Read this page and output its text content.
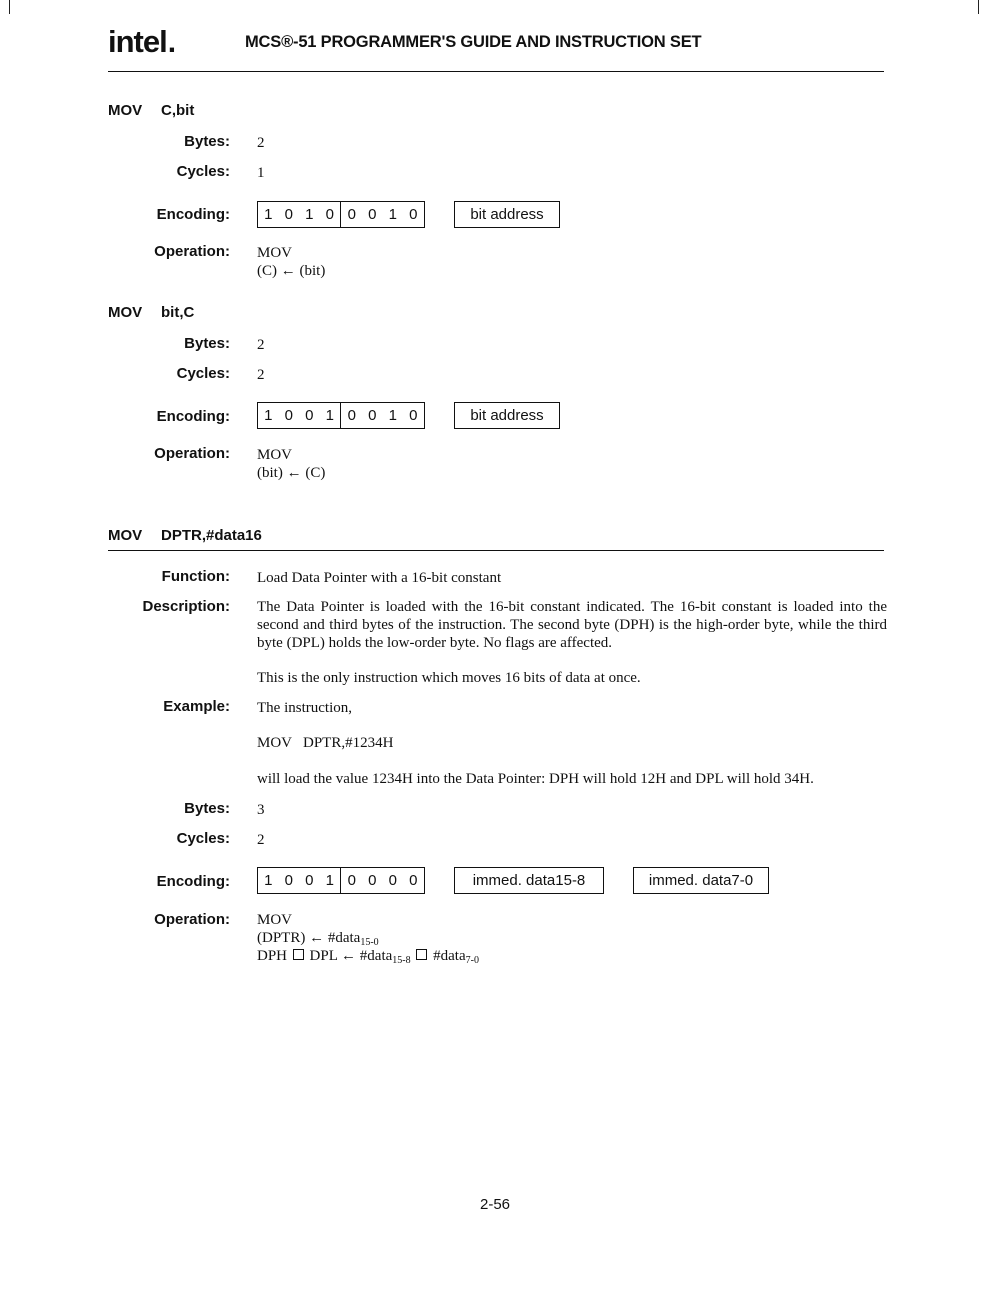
intel.	MCS®-51 PROGRAMMER'S GUIDE AND INSTRUCTION SET
MOV C,bit
Bytes: 2
Cycles: 1
Encoding:	1 0 1 0 0 0 1 0	bit address
Operation: MOV
(C) ← (bit)
MOV bit,C
Bytes: 2
Cycles: 2
Encoding:	1 0 0 1 0 0 1 0	bit address
Operation: MOV
(bit) ← (C)
MOV DPTR,#data16
Function: Load Data Pointer with a 16-bit constant
Description: The Data Pointer is loaded with the 16-bit constant indicated. The 16-bit constant is loaded into the second and third bytes of the instruction. The second byte (DPH) is the high-order byte, while the third byte (DPL) holds the low-order byte. No flags are affected.
This is the only instruction which moves 16 bits of data at once.
Example: The instruction,
MOV   DPTR,#1234H
will load the value 1234H into the Data Pointer: DPH will hold 12H and DPL will hold 34H.
Bytes: 3
Cycles: 2
Encoding:	1 0 0 1 0 0 0 0	immed. data15-8	immed. data7-0
Operation: MOV
(DPTR) ← #data$_{15-0}$
DPH DPL ← #data$_{15-8}$ #data$_{7-0}$
2-56
